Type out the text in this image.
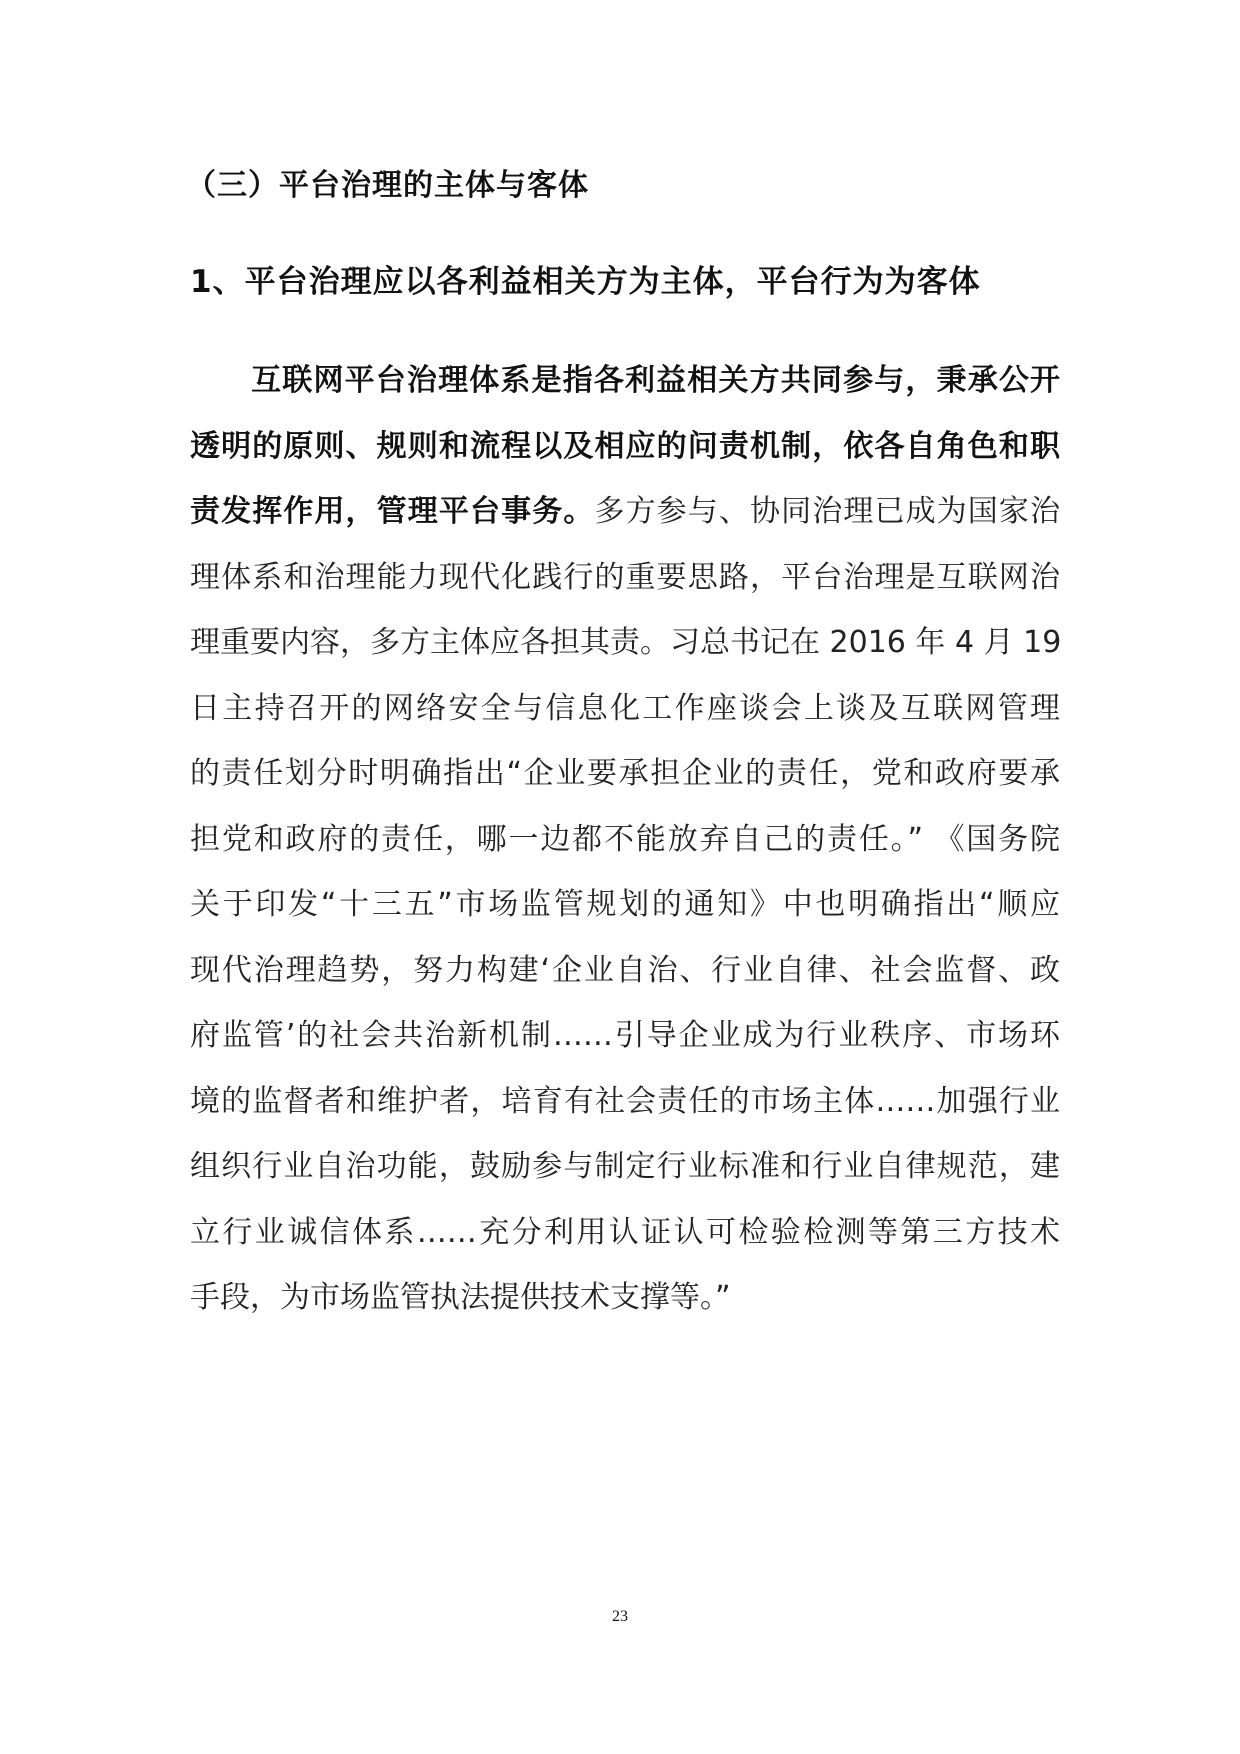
（三）平台治理的主体与客体
1、平台治理应以各利益相关方为主体，平台行为为客体
互联网平台治理体系是指各利益相关方共同参与，秉承公开
透明的原则、规则和流程以及相应的问责机制，依各自角色和职
责发挥作用，管理平台事务。多方参与、协同治理已成为国家治
理体系和治理能力现代化践行的重要思路，平台治理是互联网治
理重要内容，多方主体应各担其责。习总书记在 2016 年 4 月 19
日主持召开的网络安全与信息化工作座谈会上谈及互联网管理
的责任划分时明确指出“企业要承担企业的责任，党和政府要承
担党和政府的责任，哪一边都不能放弃自己的责任。” 《国务院
关于印发“十三五”市场监管规划的通知》中也明确指出“顺应
现代治理趋势，努力构建‘企业自治、行业自律、社会监督、政
府监管’的社会共治新机制……引导企业成为行业秩序、市场环
境的监督者和维护者，培育有社会责任的市场主体……加强行业
组织行业自治功能，鼓励参与制定行业标准和行业自律规范，建
立行业诚信体系……充分利用认证认可检验检测等第三方技术
手段，为市场监管执法提供技术支撑等。”
23
